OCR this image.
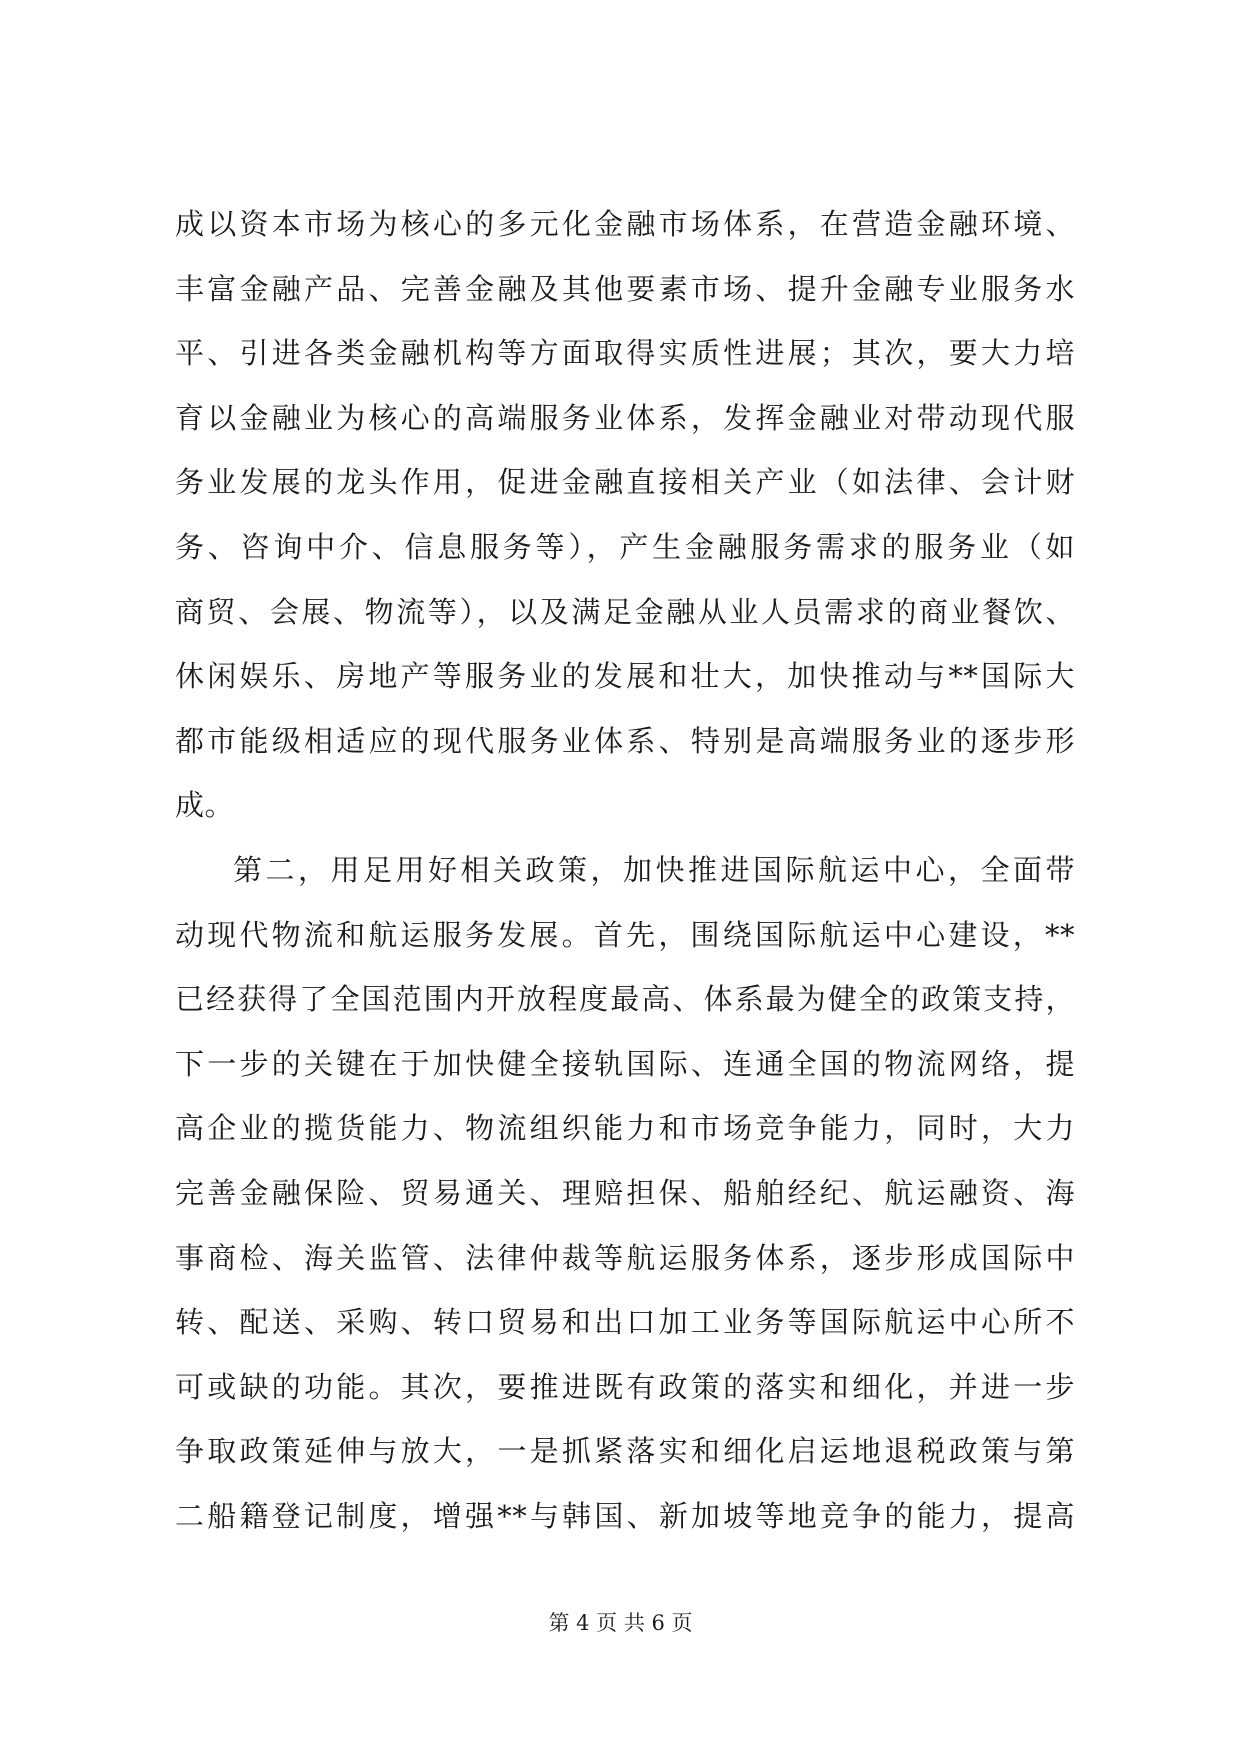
成以资本市场为核心的多元化金融市场体系，在营造金融环境、
丰富金融产品、完善金融及其他要素市场、提升金融专业服务水
平、引进各类金融机构等方面取得实质性进展；其次，要大力培
育以金融业为核心的高端服务业体系，发挥金融业对带动现代服
务业发展的龙头作用，促进金融直接相关产业（如法律、会计财
务、咨询中介、信息服务等），产生金融服务需求的服务业（如
商贸、会展、物流等），以及满足金融从业人员需求的商业餐饮、
休闲娱乐、房地产等服务业的发展和壮大，加快推动与**国际大
都市能级相适应的现代服务业体系、特别是高端服务业的逐步形
成。
第二，用足用好相关政策，加快推进国际航运中心，全面带
动现代物流和航运服务发展。首先，围绕国际航运中心建设，**
已经获得了全国范围内开放程度最高、体系最为健全的政策支持，
下一步的关键在于加快健全接轨国际、连通全国的物流网络，提
高企业的揽货能力、物流组织能力和市场竞争能力，同时，大力
完善金融保险、贸易通关、理赔担保、船舶经纪、航运融资、海
事商检、海关监管、法律仲裁等航运服务体系，逐步形成国际中
转、配送、采购、转口贸易和出口加工业务等国际航运中心所不
可或缺的功能。其次，要推进既有政策的落实和细化，并进一步
争取政策延伸与放大，一是抓紧落实和细化启运地退税政策与第
二船籍登记制度，增强**与韩国、新加坡等地竞争的能力，提高
第 4 页 共 6 页
